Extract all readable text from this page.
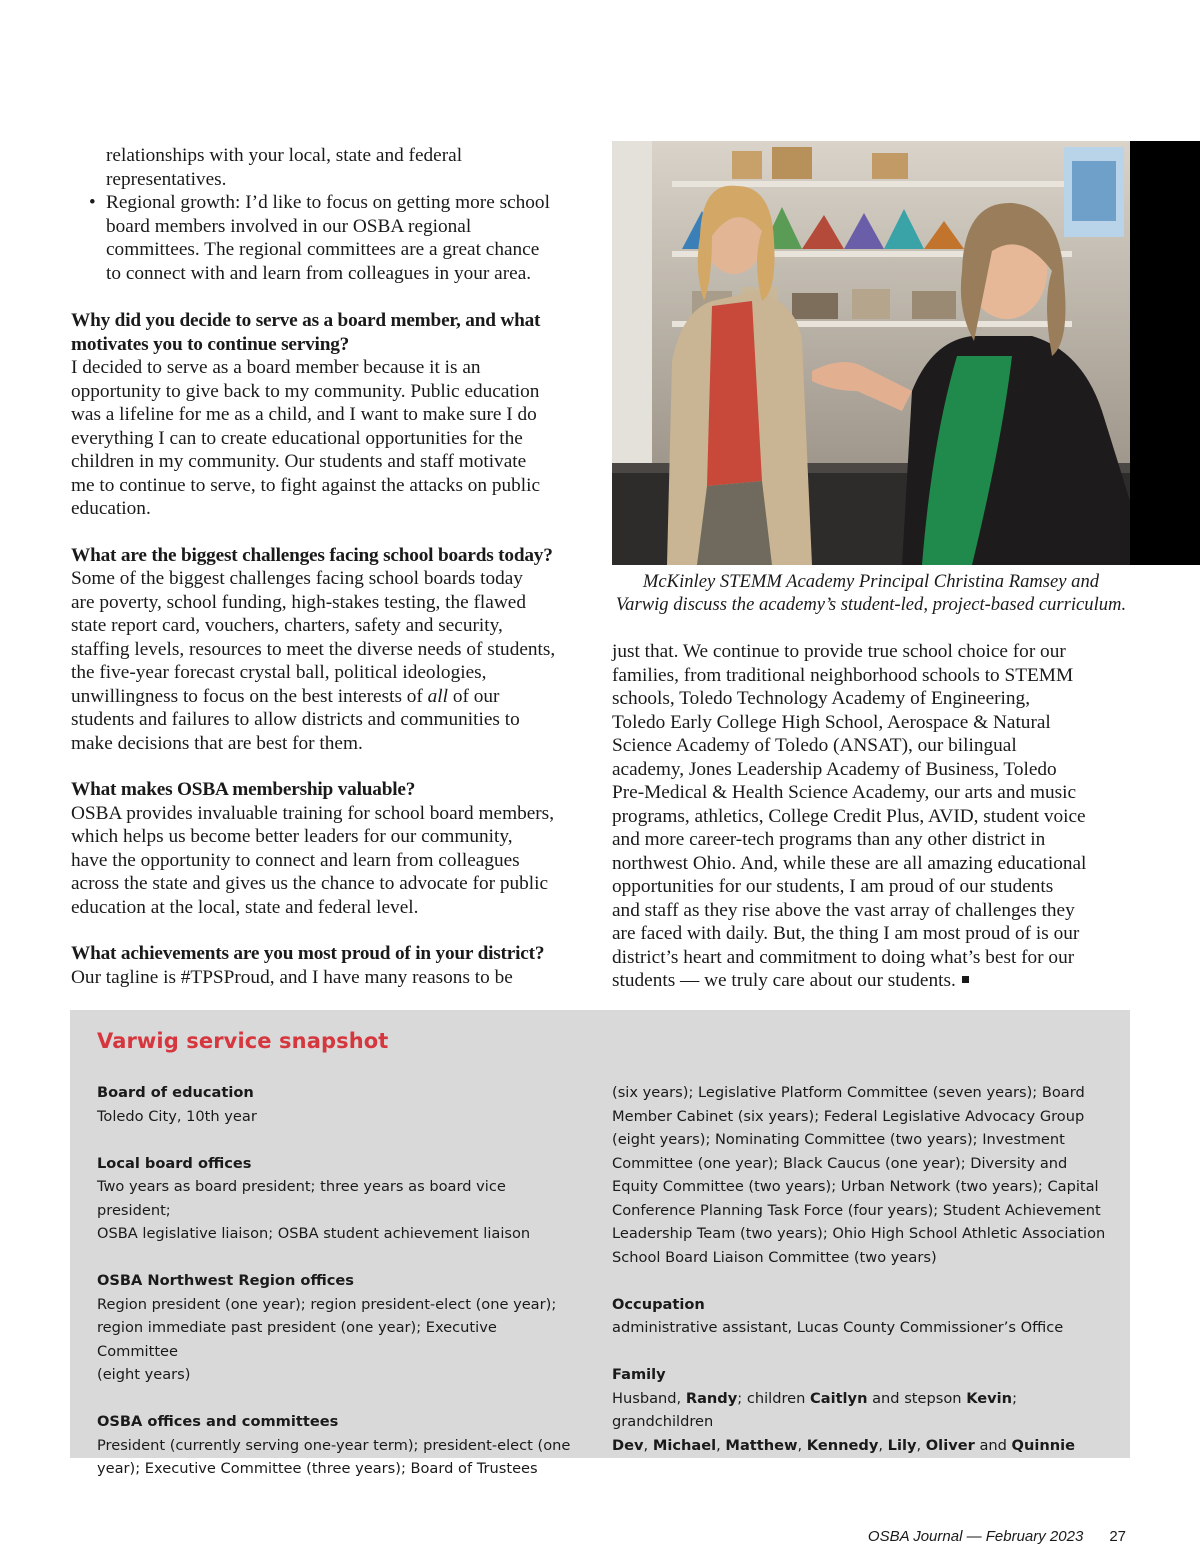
relationships with your local, state and federal
representatives.
• Regional growth: I’d like to focus on getting more school
board members involved in our OSBA regional
committees. The regional committees are a great chance
to connect with and learn from colleagues in your area.

Why did you decide to serve as a board member, and what
motivates you to continue serving?

I decided to serve as a board member because it is an
opportunity to give back to my community. Public education
was a lifeline for me as a child, and I want to make sure I do
everything I can to create educational opportunities for the
children in my community. Our students and staff motivate
me to continue to serve, to fight against the attacks on public
education.

What are the biggest challenges facing school boards today?

Some of the biggest challenges facing school boards today
are poverty, school funding, high-stakes testing, the flawed
state report card, vouchers, charters, safety and security,
staffing levels, resources to meet the diverse needs of students,
the five-year forecast crystal ball, political ideologies,
unwillingness to focus on the best interests of all of our
students and failures to allow districts and communities to
make decisions that are best for them.

What makes OSBA membership valuable?

OSBA provides invaluable training for school board members,
which helps us become better leaders for our community,
have the opportunity to connect and learn from colleagues
across the state and gives us the chance to advocate for public
education at the local, state and federal level.

What achievements are you most proud of in your district?

Our tagline is #TPSProud, and I have many reasons to be

McKinley STEMM Academy Principal Christina Ramsey and
Varwig discuss the academy’s student-led, project-based curriculum.
just that. We continue to provide true school choice for our
families, from traditional neighborhood schools to STEMM
schools, Toledo Technology Academy of Engineering,
Toledo Early College High School, Aerospace & Natural
Science Academy of Toledo (ANSAT), our bilingual
academy, Jones Leadership Academy of Business, Toledo
Pre-Medical & Health Science Academy, our arts and music
programs, athletics, College Credit Plus, AVID, student voice
and more career-tech programs than any other district in
northwest Ohio. And, while these are all amazing educational
opportunities for our students, I am proud of our students
and staff as they rise above the vast array of challenges they
are faced with daily. But, the thing I am most proud of is our
district’s heart and commitment to doing what’s best for our
students — we truly care about our students.
Varwig service snapshot

Board of education

Toledo City, 10th year

Local board offices

Two years as board president; three years as board vice president;

OSBA legislative liaison; OSBA student achievement liaison

OSBA Northwest Region offices

Region president (one year); region president-elect (one year);

region immediate past president (one year); Executive Committee

(eight years)

OSBA offices and committees

President (currently serving one-year term); president-elect (one

year); Executive Committee (three years); Board of Trustees

(six years); Legislative Platform Committee (seven years); Board

Member Cabinet (six years); Federal Legislative Advocacy Group

(eight years); Nominating Committee (two years); Investment

Committee (one year); Black Caucus (one year); Diversity and

Equity Committee (two years); Urban Network (two years); Capital

Conference Planning Task Force (four years); Student Achievement

Leadership Team (two years); Ohio High School Athletic Association

School Board Liaison Committee (two years)

Occupation

administrative assistant, Lucas County Commissioner’s Office

Family

Husband, Randy; children Caitlyn and stepson Kevin; grandchildren

Dev, Michael, Matthew, Kennedy, Lily, Oliver and Quinnie

OSBA Journal — February 2023 27
